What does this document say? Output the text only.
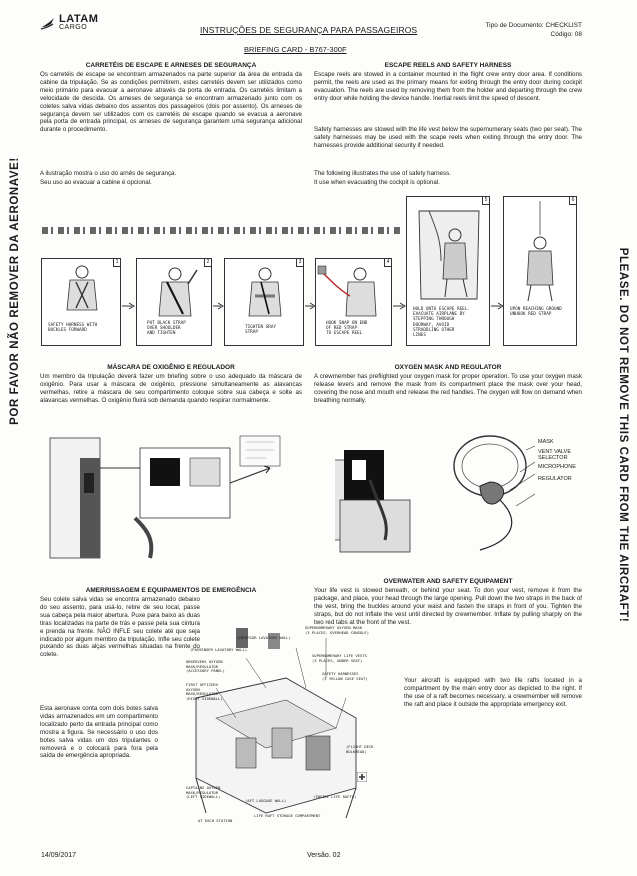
LATAM
CARGO	INSTRUÇÕES DE SEGURANÇA PARA PASSAGEIROS	Tipo de Documento: CHECKLIST
Código: 08
BRIEFING CARD - B767-300F
POR FAVOR NÃO REMOVER DA AERONAVE!	PLEASE. DO NOT REMOVE THIS CARD FROM THE AIRCRAFT!
CARRETÉIS DE ESCAPE E ARNESES DE SEGURANÇA
Os carretéis de escape se encontram armazenados na parte superior da área de entrada da cabine da tripulação. Se as condições permitirem, estes carretéis devem ser utilizados como meio primário para evacuar a aeronave através da porta de entrada. Os carretéis limitam a velocidade de descida. Os arneses de segurança se encontram armazenado junto com os coletes salva vidas debaixo dos assentos dos passageiros (dois por assento). Os arneses de segurança devem ser utilizados com os carretéis de escape quando se evacua a aeronave pela porta de entrada principal, os arneses de segurança garantem uma segurança adicional durante o procedimento.
A ilustração mostra o uso do arnês de segurança.
Seu uso ao evacuar a cabine é opcional.
ESCAPE REELS AND SAFETY HARNESS
Escape reels are stowed in a container mounted in the flight crew entry door area. If conditions permit, the reels are used as the primary means for exiting through the entry door during cockpit evacuation. The reels are used by removing them from the holder and departing through the crew entry door while holding the device handle. Inertial reels limit the speed of descent.
Safety harnesses are stowed with the life vest below the supernumerary seats (two per seat). The safety harnesses may be used with the scape reels when exiting through the entry door. The harnesses provide additional security if needed.
The following illustrates the use of safety harness.
It use when evacuating the cockpit is optional.
1
SAFETY HARNESS WITH
BUCKLES FORWARD
2
PUT BLACK STRAP
OVER SHOULDER
AND TIGHTEN
3
TIGHTEN GRAY
STRAP
4
HOOK SNAP ON END
OF RED STRAP
TO ESCAPE REEL
5
HOLD ONTO ESCAPE REEL.
EVACUATE AIRPLANE BY
STEPPING THROUGH
DOORWAY, AVOID
STRADDLING OTHER
LINES
6
UPON REACHING GROUND
UNHOOK RED STRAP
MÁSCARA DE OXIGÊNIO E REGULADOR
Um membro da tripulação deverá fazer um briefing sobre o uso adequado da máscara de oxigênio. Para usar a máscara de oxigênio, pressione simultaneamente as alavancas vermelhas, retire a máscara de seu compartimento coloque sobre sua cabeça e solte as alavancas vermelhas. O oxigênio fluirá sob demanda quando respirar normalmente.
OXYGEN MASK AND REGULATOR
A crewmember has preflighted your oxygen mask for proper operation. To use your oxygen mask release levers and remove the mask from its compartment place the mask over your head, covering the nose and mouth end release the red handles. The oxygen will flow on demand when breathing normally.
MASK
VENT VALVE SELECTOR
MICROPHONE
REGULATOR
AMERRISSAGEM E EQUIPAMENTOS DE EMERGÊNCIA
Seu colete salva vidas se encontra armazenado debaixo do seu assento, para usá-lo, retire de seu local, passe sua cabeça pela maior abertura. Puxe para baixo as duas tiras localizadas na parte de trás e passe pela sua cintura e prenda na frente. NÃO INFLE seu colete até que seja indicado por algum membro da tripulação. Infle seu colete puxando as duas alças vermelhas situadas na frente do colete.
Esta aeronave conta com dois botes salva vidas armazenados em um compartimento localizado perto da entrada principal como mostra a figura. Se necessário o uso dos botes salva vidas um dos tripulantes o removerá e o colocará para fora pela saída de emergência apropriada.
OVERWATER AND SAFETY EQUIPAMENT
Your life vest is stowed beneath, or behind your seat. To don your vest, remove it from the package, and place, your head through the large opening. Pull down the two straps in the back of the vest, bring the buckles around your waist and fasten the straps in front of you. Tighten the straps, but do not inflate the vest until directed by crewmember. Inflate by pulling sharply on the two red tabs at the front of the vest.
Your aircraft is equipped with two life rafts located in a compartment by the main entry door as depicted to the right. If the use of a raft becomes necessary, a crewmember will remove the raft and place it outside the appropriate emergency exit.
(INTERIOR LAVATORY WALL)
SUPERNUMERARY OXYGEN MASK
(3 PLACES, OVERHEAD CONSOLE)
(PASSENGER LAVATORY WALL)
SUPERNUMERARY LIFE VESTS
(3 PLACES, UNDER SEAT)
OBSERVERS OXYGEN
MASK/REGULATOR
(ACCESSORY PANEL)
SAFETY HARNESSES
(3 YELLOW CASE SEAT)
FIRST OFFICERS
OXYGEN
MASK/REGULATOR
(RIGHT SIDEWALL)
(FLIGHT DECK
BULKHEAD)
CAPTAINS OXYGEN
MASK/REGULATOR
(LEFT SIDEWALL)
(AFT LUGGAGE WALL)
(INSIDE LIFE RAFTS)
AT EACH STATION
LIFE RAFT STORAGE COMPARTMENT
14/09/2017	Versão. 02
